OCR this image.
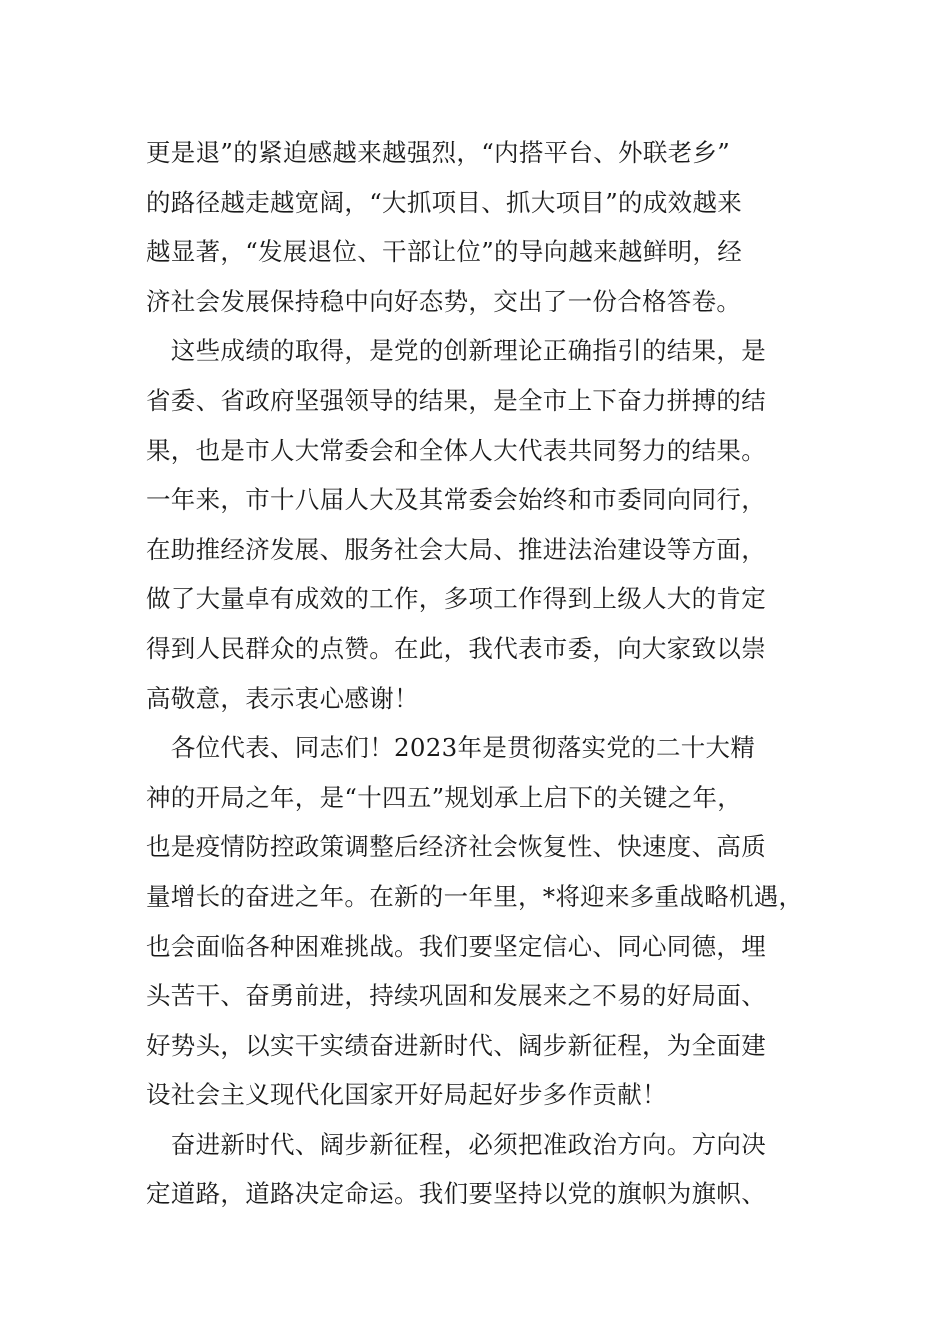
更是退”的紧迫感越来越强烈，“内搭平台、外联老乡”
的路径越走越宽阔，“大抓项目、抓大项目”的成效越来
越显著，“发展退位、干部让位”的导向越来越鲜明，经
济社会发展保持稳中向好态势，交出了一份合格答卷。
　这些成绩的取得，是党的创新理论正确指引的结果，是
省委、省政府坚强领导的结果，是全市上下奋力拼搏的结
果，也是市人大常委会和全体人大代表共同努力的结果。
一年来，市十八届人大及其常委会始终和市委同向同行，
在助推经济发展、服务社会大局、推进法治建设等方面，
做了大量卓有成效的工作，多项工作得到上级人大的肯定
得到人民群众的点赞。在此，我代表市委，向大家致以崇
高敬意，表示衷心感谢！
　各位代表、同志们！2023年是贯彻落实党的二十大精
神的开局之年，是“十四五”规划承上启下的关键之年，
也是疫情防控政策调整后经济社会恢复性、快速度、高质
量增长的奋进之年。在新的一年里，*将迎来多重战略机遇，
也会面临各种困难挑战。我们要坚定信心、同心同德，埋
头苦干、奋勇前进，持续巩固和发展来之不易的好局面、
好势头，以实干实绩奋进新时代、阔步新征程，为全面建
设社会主义现代化国家开好局起好步多作贡献！
　奋进新时代、阔步新征程，必须把准政治方向。方向决
定道路，道路决定命运。我们要坚持以党的旗帜为旗帜、
